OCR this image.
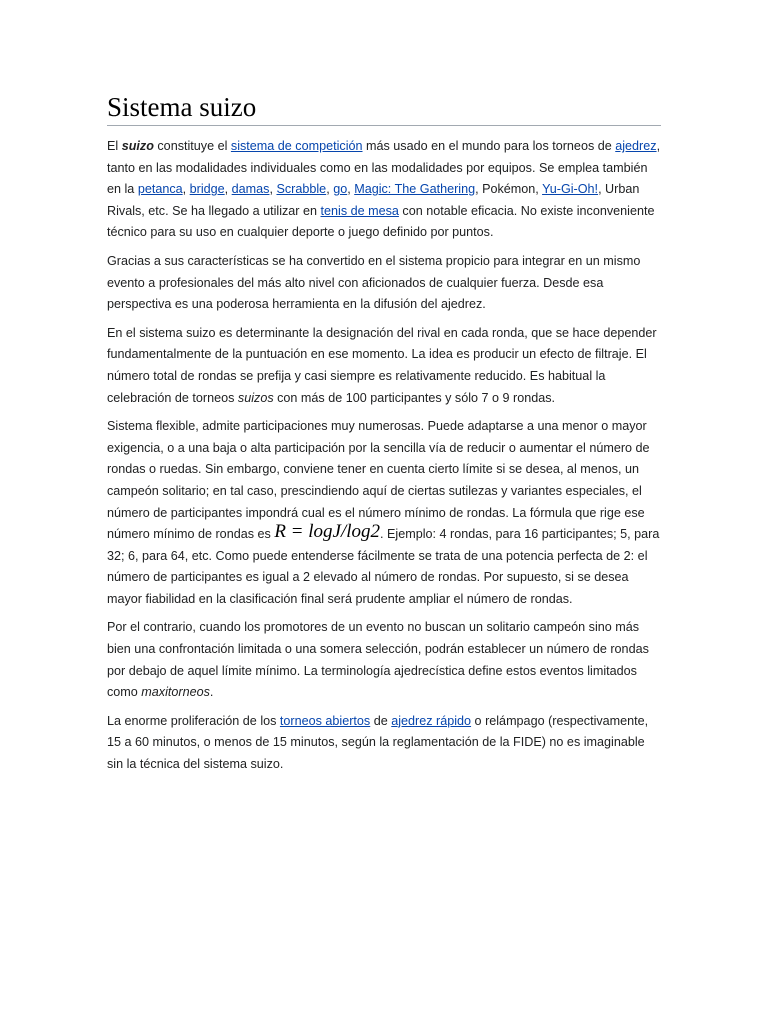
Sistema suizo

El suizo constituye el sistema de competición más usado en el mundo para los torneos de ajedrez, tanto en las modalidades individuales como en las modalidades por equipos. Se emplea también en la petanca, bridge, damas, Scrabble, go, Magic: The Gathering, Pokémon, Yu-Gi-Oh!, Urban Rivals, etc. Se ha llegado a utilizar en tenis de mesa con notable eficacia. No existe inconveniente técnico para su uso en cualquier deporte o juego definido por puntos.

Gracias a sus características se ha convertido en el sistema propicio para integrar en un mismo evento a profesionales del más alto nivel con aficionados de cualquier fuerza. Desde esa perspectiva es una poderosa herramienta en la difusión del ajedrez.

En el sistema suizo es determinante la designación del rival en cada ronda, que se hace depender fundamentalmente de la puntuación en ese momento. La idea es producir un efecto de filtraje. El número total de rondas se prefija y casi siempre es relativamente reducido. Es habitual la celebración de torneos suizos con más de 100 participantes y sólo 7 o 9 rondas.

Sistema flexible, admite participaciones muy numerosas. Puede adaptarse a una menor o mayor exigencia, o a una baja o alta participación por la sencilla vía de reducir o aumentar el número de rondas o ruedas. Sin embargo, conviene tener en cuenta cierto límite si se desea, al menos, un campeón solitario; en tal caso, prescindiendo aquí de ciertas sutilezas y variantes especiales, el número de participantes impondrá cual es el número mínimo de rondas. La fórmula que rige ese número mínimo de rondas es R = logJ/log2. Ejemplo: 4 rondas, para 16 participantes; 5, para 32; 6, para 64, etc. Como puede entenderse fácilmente se trata de una potencia perfecta de 2: el número de participantes es igual a 2 elevado al número de rondas. Por supuesto, si se desea mayor fiabilidad en la clasificación final será prudente ampliar el número de rondas.

Por el contrario, cuando los promotores de un evento no buscan un solitario campeón sino más bien una confrontación limitada o una somera selección, podrán establecer un número de rondas por debajo de aquel límite mínimo. La terminología ajedrecística define estos eventos limitados como maxitorneos.

La enorme proliferación de los torneos abiertos de ajedrez rápido o relámpago (respectivamente, 15 a 60 minutos, o menos de 15 minutos, según la reglamentación de la FIDE) no es imaginable sin la técnica del sistema suizo.
